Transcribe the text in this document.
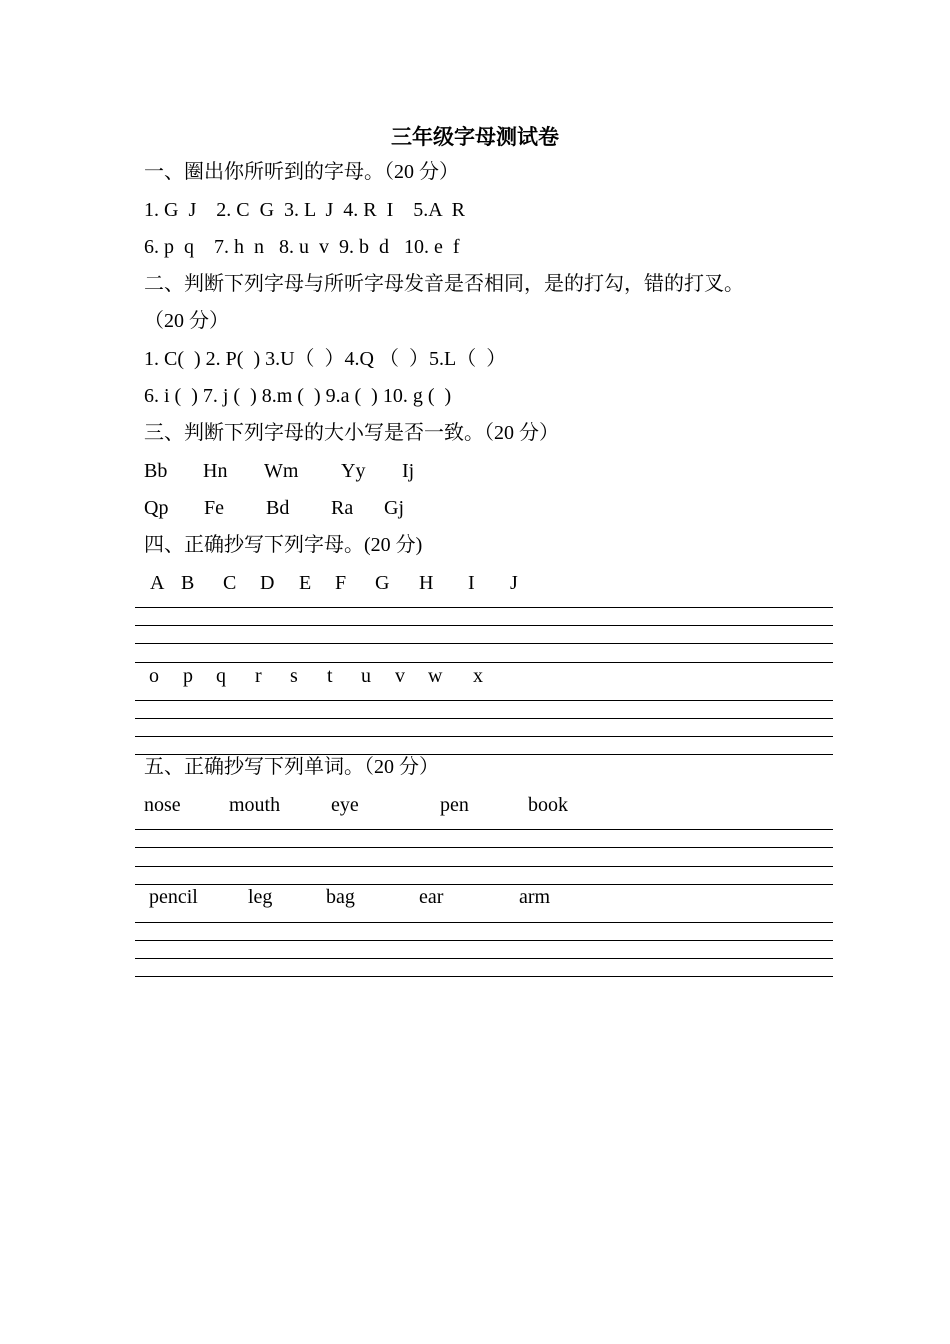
三年级字母测试卷
一、圈出你所听到的字母。（20 分）
1. G  J    2. C  G  3. L  J  4. R  I    5.A  R
6. p  q    7. h  n   8. u  v  9. b  d   10. e  f
二、判断下列字母与所听字母发音是否相同，是的打勾，错的打叉。
（20 分）
1. C(  ) 2. P(  ) 3.U（  ）4.Q （  ）5.L（  ）
6. i (  ) 7. j (  ) 8.m (  ) 9.a (  ) 10. g (  )
三、判断下列字母的大小写是否一致。（20 分）
Bb Hn Wm Yy Ij
Qp Fe Bd Ra Gj
四、正确抄写下列字母。(20 分)
A B C D E F G H I J
o p q r s t u v w x
五、正确抄写下列单词。（20 分）
nose mouth	eye	pen	book
pencil	leg	bag	ear	arm
